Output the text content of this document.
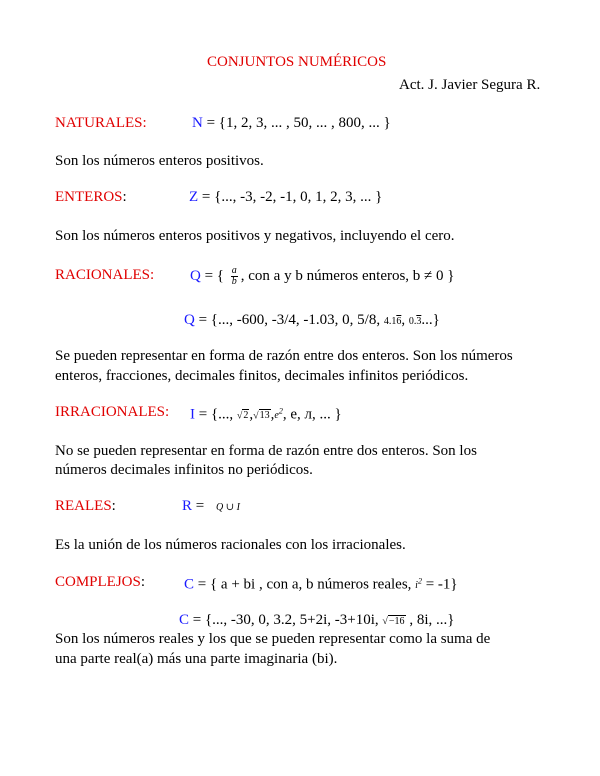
CONJUNTOS NUMÉRICOS
Act. J. Javier Segura R.
NATURALES:	N = {1, 2, 3, ... , 50, ... , 800, ... }
Son los números enteros positivos.
ENTEROS:	Z = {..., -3, -2, -1, 0, 1, 2, 3, ... }
Son los números enteros positivos y negativos, incluyendo el cero.
RACIONALES: Q = { $\frac{a}{b}$ , con a y b números enteros, b ≠ 0 }
Q = {..., -600, -3/4, -1.03, 0, 5/8, 4.16, 0.3...}
Se pueden representar en forma de razón entre dos enteros. Son los números
enteros, fracciones, decimales finitos, decimales infinitos periódicos.
IRRACIONALES: I = {..., $√2,√13,e^2$, e, л, ... }
No se pueden representar en forma de razón entre dos enteros. Son los
números decimales infinitos no periódicos.
REALES:	R = Q ∪ I
Es la unión de los números racionales con los irracionales.
COMPLEJOS:	C = { a + bi , con a, b números reales, $i^2 = -1$}
C = {..., -30, 0, 3.2, 5+2i, -3+10i, √−16 , 8i, ...}
Son los números reales y los que se pueden representar como la suma de
una parte real(a) más una parte imaginaria (bi).
